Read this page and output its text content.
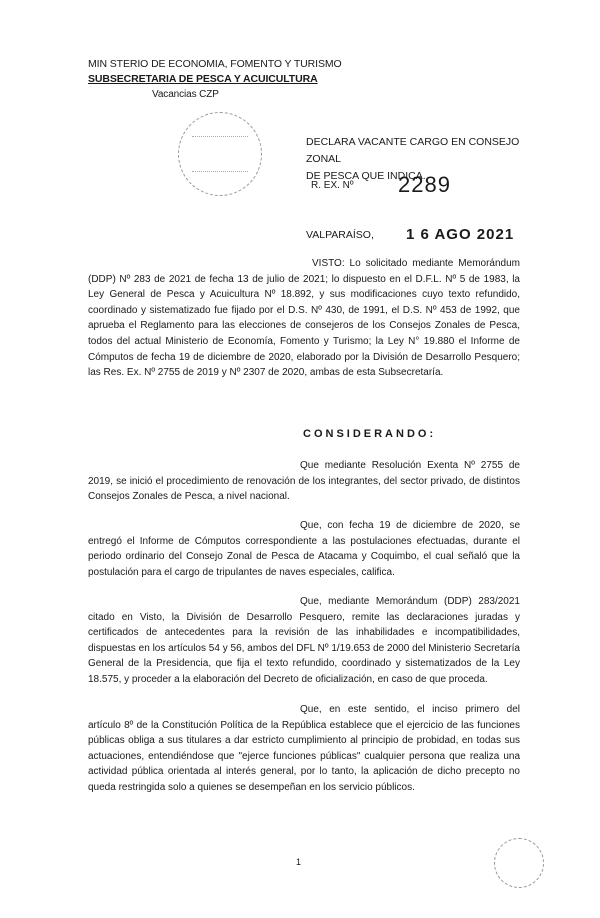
MIN STERIO DE ECONOMIA, FOMENTO Y TURISMO
SUBSECRETARIA DE PESCA Y ACUICULTURA
Vacancias CZP
DECLARA VACANTE CARGO EN CONSEJO ZONAL
DE PESCA QUE INDICA.
R. EX. Nº 2289
VALPARAÍSO, 1 6 AGO 2021
VISTO: Lo solicitado mediante Memorándum (DDP) Nº 283 de 2021 de fecha 13 de julio de 2021; lo dispuesto en el D.F.L. Nº 5 de 1983, la Ley General de Pesca y Acuicultura Nº 18.892, y sus modificaciones cuyo texto refundido, coordinado y sistematizado fue fijado por el D.S. Nº 430, de 1991, el D.S. Nº 453 de 1992, que aprueba el Reglamento para las elecciones de consejeros de los Consejos Zonales de Pesca, todos del actual Ministerio de Economía, Fomento y Turismo; la Ley N° 19.880 el Informe de Cómputos de fecha 19 de diciembre de 2020, elaborado por la División de Desarrollo Pesquero; las Res. Ex. Nº 2755 de 2019 y Nº 2307 de 2020, ambas de esta Subsecretaría.
CONSIDERANDO:
Que mediante Resolución Exenta Nº 2755 de 2019, se inició el procedimiento de renovación de los integrantes, del sector privado, de distintos Consejos Zonales de Pesca, a nivel nacional.
Que, con fecha 19 de diciembre de 2020, se entregó el Informe de Cómputos correspondiente a las postulaciones efectuadas, durante el periodo ordinario del Consejo Zonal de Pesca de Atacama y Coquimbo, el cual señaló que la postulación para el cargo de tripulantes de naves especiales, califica.
Que, mediante Memorándum (DDP) 283/2021 citado en Visto, la División de Desarrollo Pesquero, remite las declaraciones juradas y certificados de antecedentes para la revisión de las inhabilidades e incompatibilidades, dispuestas en los artículos 54 y 56, ambos del DFL Nº 1/19.653 de 2000 del Ministerio Secretaría General de la Presidencia, que fija el texto refundido, coordinado y sistematizados de la Ley 18.575, y proceder a la elaboración del Decreto de oficialización, en caso de que proceda.
Que, en este sentido, el inciso primero del artículo 8º de la Constitución Política de la República establece que el ejercicio de las funciones públicas obliga a sus titulares a dar estricto cumplimiento al principio de probidad, en todas sus actuaciones, entendiéndose que "ejerce funciones públicas" cualquier persona que realiza una actividad pública orientada al interés general, por lo tanto, la aplicación de dicho precepto no queda restringida solo a quienes se desempeñan en los servicio públicos.
1
